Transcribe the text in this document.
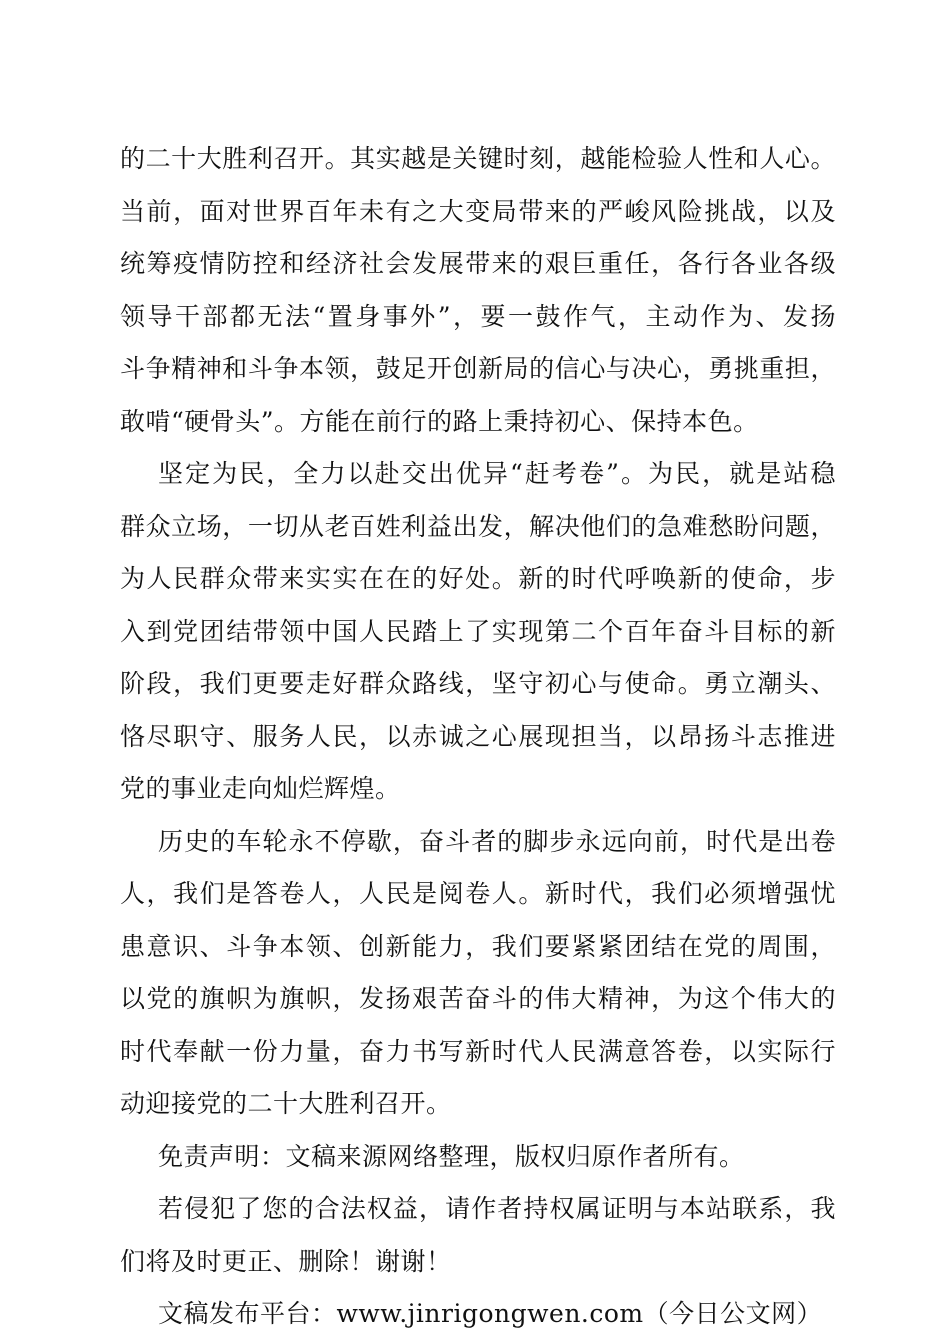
的二十大胜利召开。其实越是关键时刻，越能检验人性和人心。
当前，面对世界百年未有之大变局带来的严峻风险挑战，以及
统筹疫情防控和经济社会发展带来的艰巨重任，各行各业各级
领导干部都无法“置身事外”，要一鼓作气，主动作为、发扬
斗争精神和斗争本领，鼓足开创新局的信心与决心，勇挑重担，
敢啃“硬骨头”。方能在前行的路上秉持初心、保持本色。
坚定为民，全力以赴交出优异“赶考卷”。为民，就是站稳
群众立场，一切从老百姓利益出发，解决他们的急难愁盼问题，
为人民群众带来实实在在的好处。新的时代呼唤新的使命，步
入到党团结带领中国人民踏上了实现第二个百年奋斗目标的新
阶段，我们更要走好群众路线，坚守初心与使命。勇立潮头、
恪尽职守、服务人民，以赤诚之心展现担当，以昂扬斗志推进
党的事业走向灿烂辉煌。
历史的车轮永不停歇，奋斗者的脚步永远向前，时代是出卷
人，我们是答卷人，人民是阅卷人。新时代，我们必须增强忧
患意识、斗争本领、创新能力，我们要紧紧团结在党的周围，
以党的旗帜为旗帜，发扬艰苦奋斗的伟大精神，为这个伟大的
时代奉献一份力量，奋力书写新时代人民满意答卷，以实际行
动迎接党的二十大胜利召开。
免责声明：文稿来源网络整理，版权归原作者所有。
若侵犯了您的合法权益，请作者持权属证明与本站联系，我
们将及时更正、删除！谢谢！
文稿发布平台：www.jinrigongwen.com（今日公文网）
